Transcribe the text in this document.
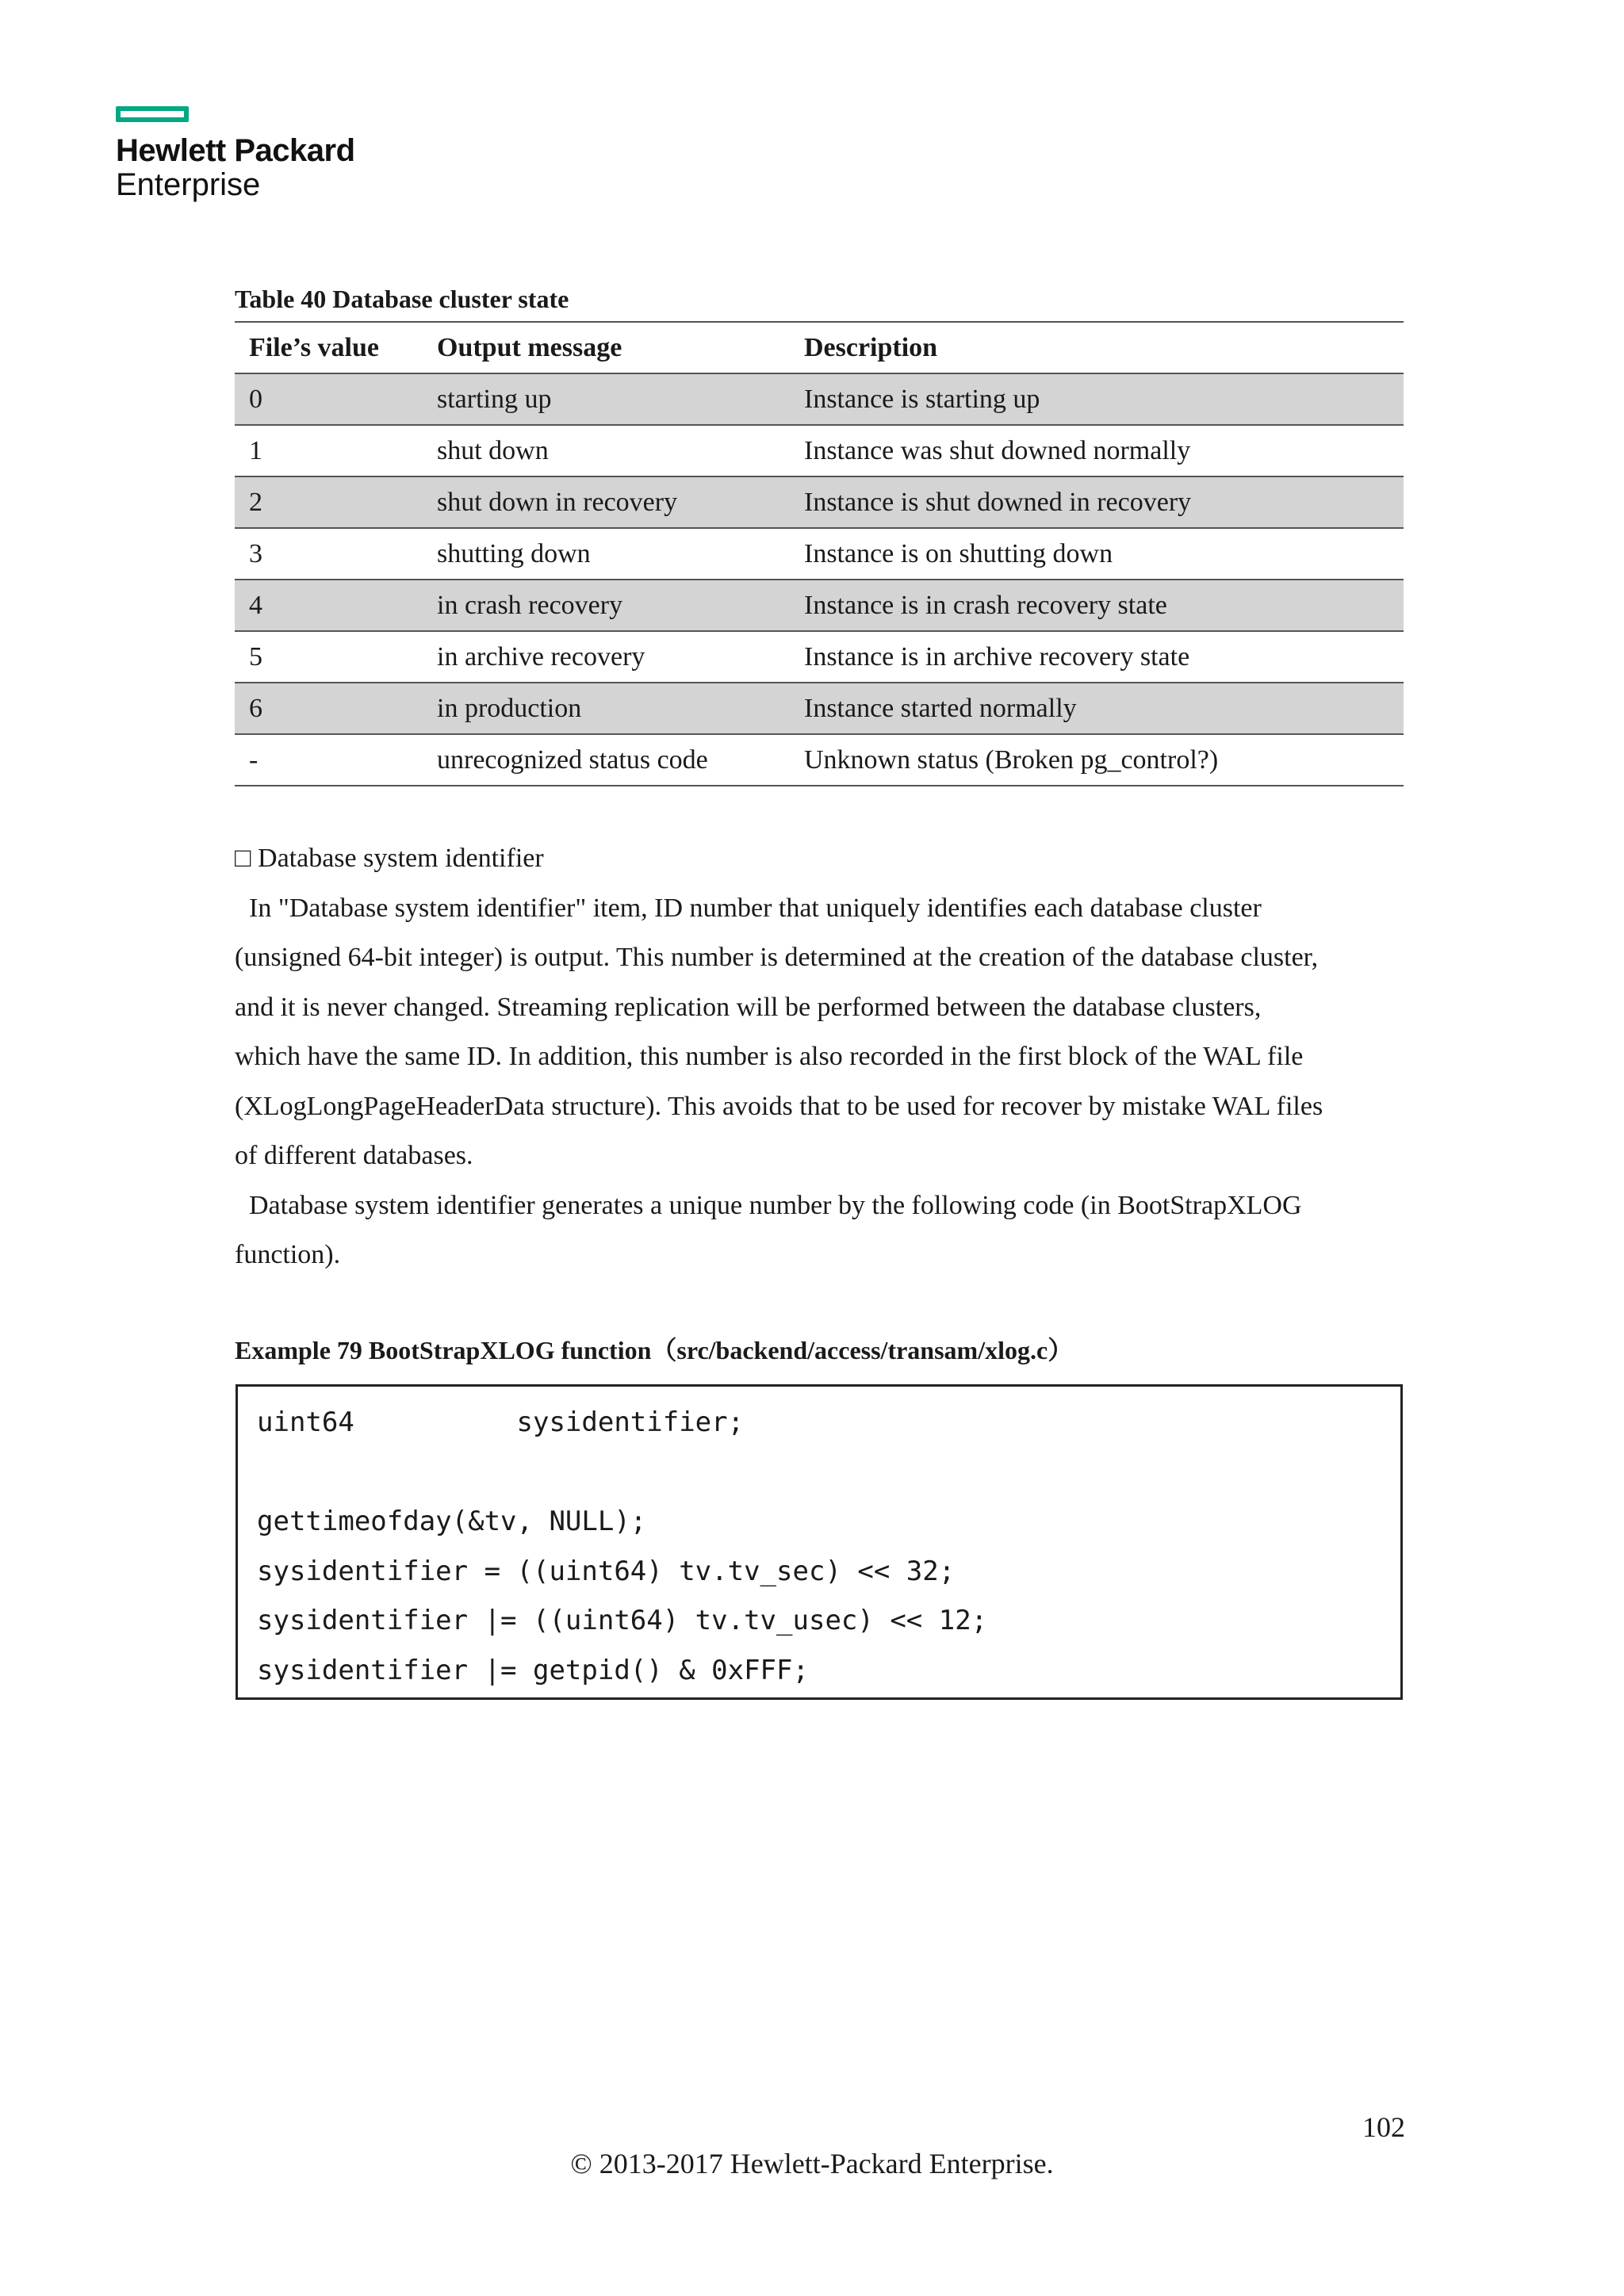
Hewlett Packard
Enterprise
Table 40 Database cluster state
File’s value	Output message	Description
0	starting up	Instance is starting up
1	shut down	Instance was shut downed normally
2	shut down in recovery	Instance is shut downed in recovery
3	shutting down	Instance is on shutting down
4	in crash recovery	Instance is in crash recovery state
5	in archive recovery	Instance is in archive recovery state
6	in production	Instance started normally
-	unrecognized status code	Unknown status (Broken pg_control?)

□ Database system identifier

In "Database system identifier" item, ID number that uniquely identifies each database cluster

(unsigned 64-bit integer) is output. This number is determined at the creation of the database cluster,

and it is never changed. Streaming replication will be performed between the database clusters,

which have the same ID. In addition, this number is also recorded in the first block of the WAL file

(XLogLongPageHeaderData structure). This avoids that to be used for recover by mistake WAL files

of different databases.

Database system identifier generates a unique number by the following code (in BootStrapXLOG

function).

Example 79 BootStrapXLOG function（src/backend/access/transam/xlog.c）
uint64          sysidentifier;
gettimeofday(&tv, NULL);
sysidentifier = ((uint64) tv.tv_sec) << 32;
sysidentifier |= ((uint64) tv.tv_usec) << 12;
sysidentifier |= getpid() & 0xFFF;
102
© 2013-2017 Hewlett-Packard Enterprise.
